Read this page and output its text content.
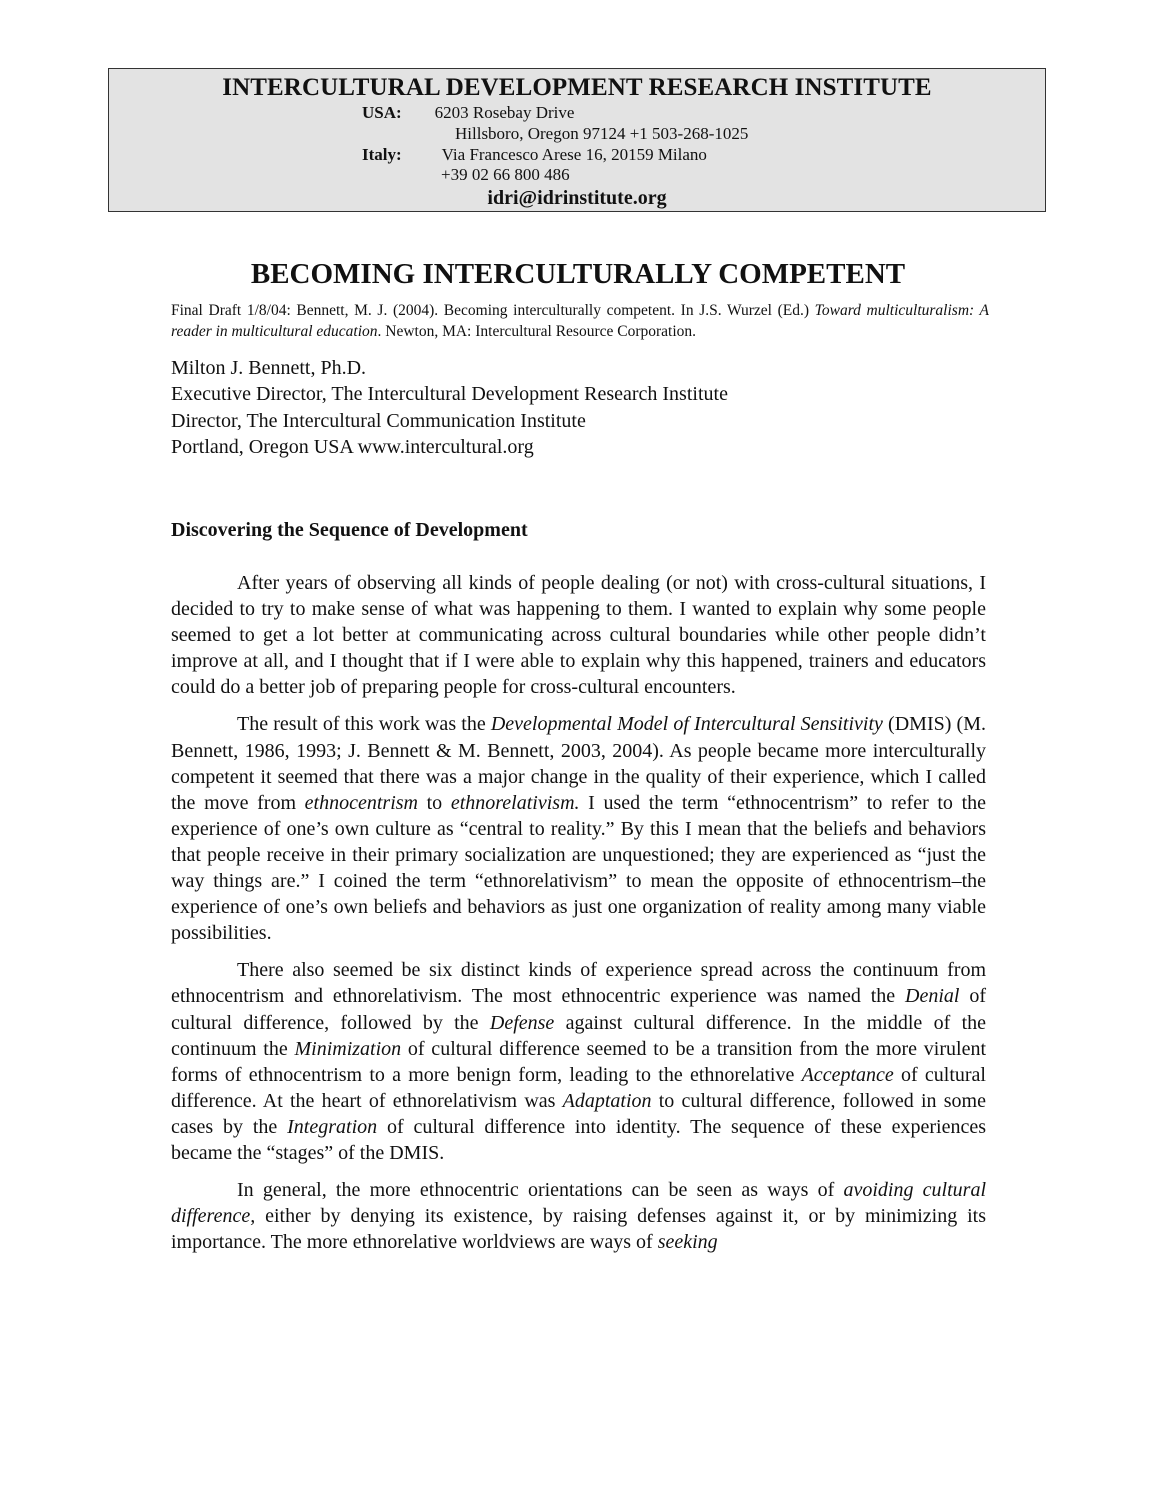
INTERCULTURAL DEVELOPMENT RESEARCH INSTITUTE
USA: 6203 Rosebay Drive
Hillsboro, Oregon 97124 +1 503-268-1025
Italy: Via Francesco Arese 16, 20159 Milano
+39 02 66 800 486
idri@idrinstitute.org
BECOMING INTERCULTURALLY COMPETENT
Final Draft 1/8/04: Bennett, M. J. (2004). Becoming interculturally competent. In J.S. Wurzel (Ed.) Toward multiculturalism: A reader in multicultural education. Newton, MA: Intercultural Resource Corporation.
Milton J. Bennett, Ph.D.
Executive Director, The Intercultural Development Research Institute
Director, The Intercultural Communication Institute
Portland, Oregon USA www.intercultural.org
Discovering the Sequence of Development

After years of observing all kinds of people dealing (or not) with cross-cultural situations, I decided to try to make sense of what was happening to them. I wanted to explain why some people seemed to get a lot better at communicating across cultural boundaries while other people didn’t improve at all, and I thought that if I were able to explain why this happened, trainers and educators could do a better job of preparing people for cross-cultural encounters.

The result of this work was the Developmental Model of Intercultural Sensitivity (DMIS) (M. Bennett, 1986, 1993; J. Bennett & M. Bennett, 2003, 2004). As people became more interculturally competent it seemed that there was a major change in the quality of their experience, which I called the move from ethnocentrism to ethnorelativism. I used the term “ethnocentrism” to refer to the experience of one’s own culture as “central to reality.” By this I mean that the beliefs and behaviors that people receive in their primary socialization are unquestioned; they are experienced as “just the way things are.” I coined the term “ethnorelativism” to mean the opposite of ethnocentrism–the experience of one’s own beliefs and behaviors as just one organization of reality among many viable possibilities.

There also seemed be six distinct kinds of experience spread across the continuum from ethnocentrism and ethnorelativism. The most ethnocentric experience was named the Denial of cultural difference, followed by the Defense against cultural difference. In the middle of the continuum the Minimization of cultural difference seemed to be a transition from the more virulent forms of ethnocentrism to a more benign form, leading to the ethnorelative Acceptance of cultural difference. At the heart of ethnorelativism was Adaptation to cultural difference, followed in some cases by the Integration of cultural difference into identity. The sequence of these experiences became the “stages” of the DMIS.

In general, the more ethnocentric orientations can be seen as ways of avoiding cultural difference, either by denying its existence, by raising defenses against it, or by minimizing its importance. The more ethnorelative worldviews are ways of seeking
